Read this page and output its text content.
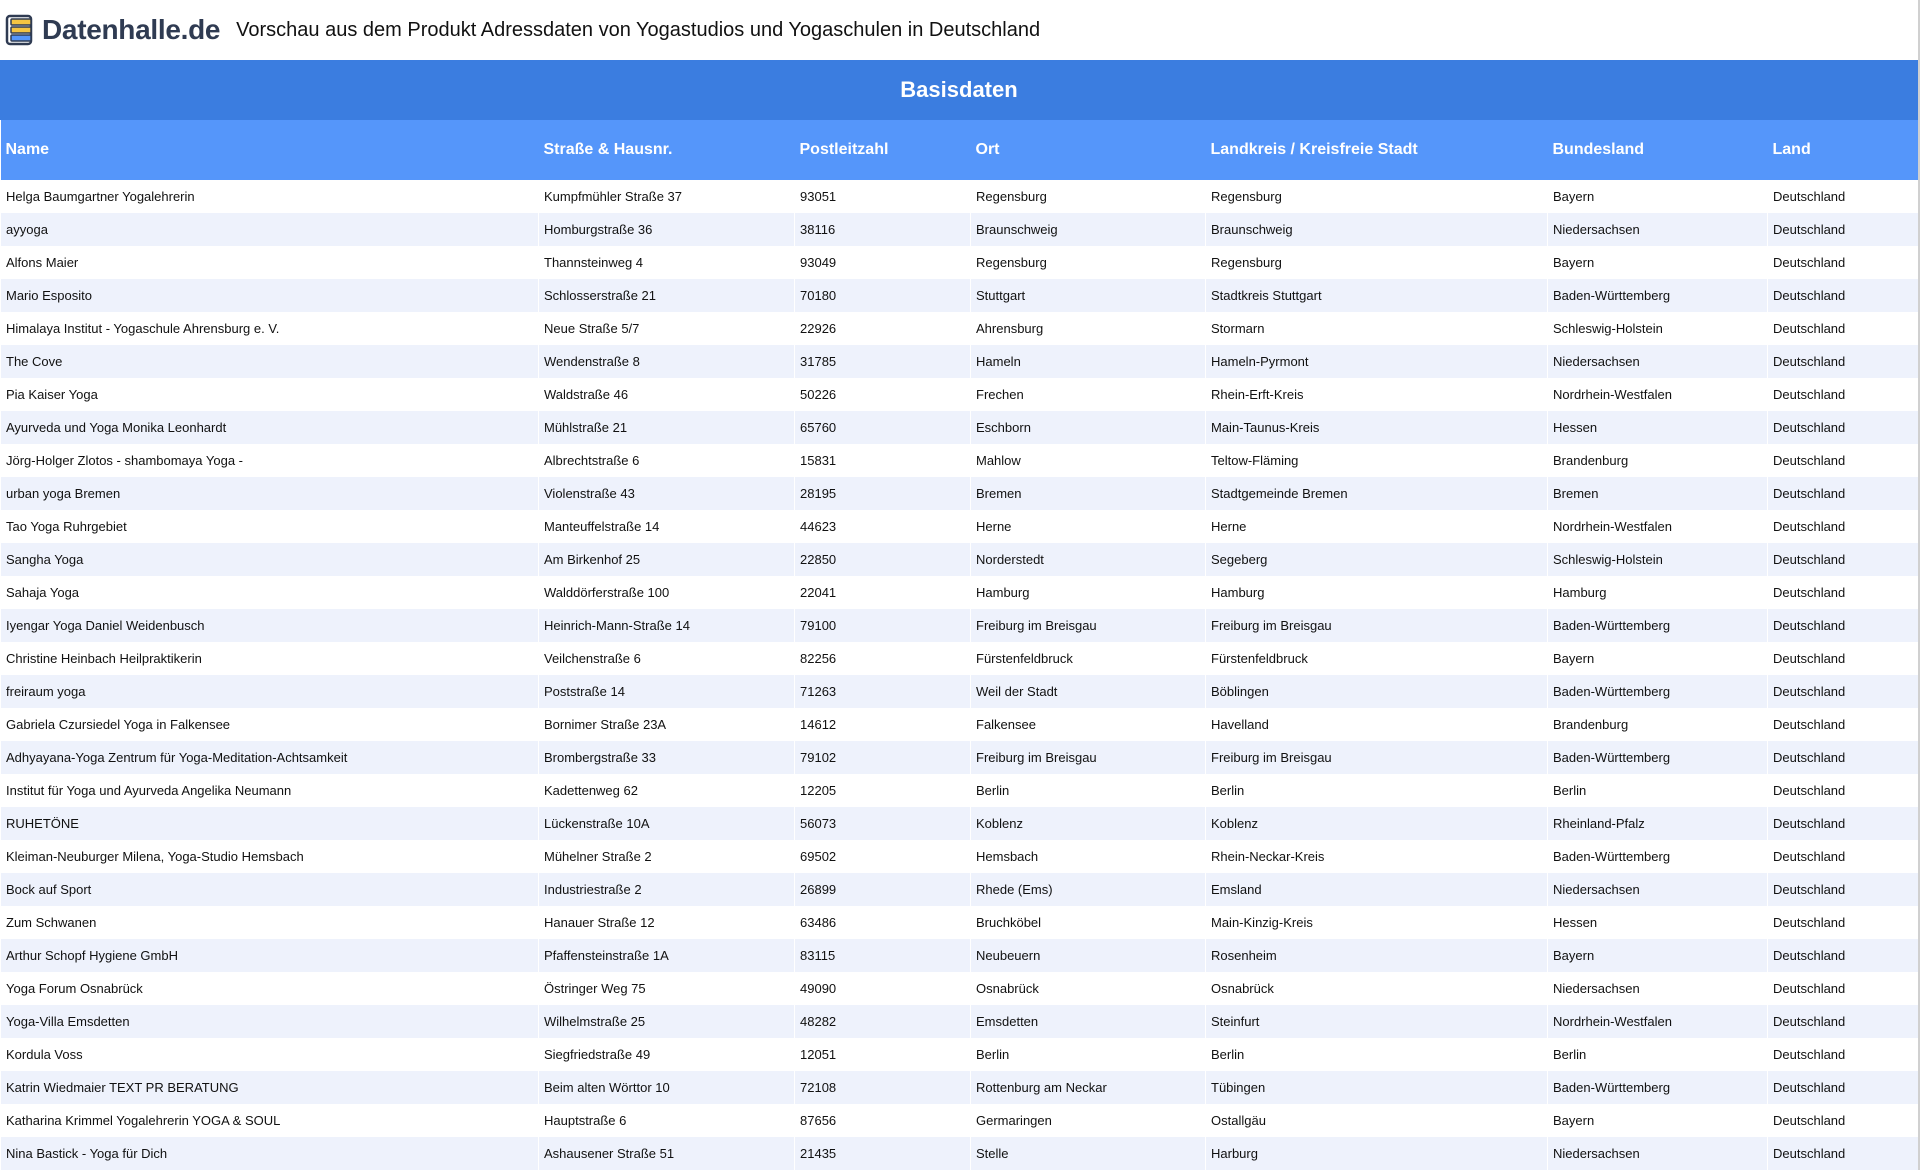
Datenhalle.de Vorschau aus dem Produkt Adressdaten von Yogastudios und Yogaschulen in Deutschland
Basisdaten
Name	Straße & Hausnr.	Postleitzahl	Ort	Landkreis / Kreisfreie Stadt	Bundesland	Land
Helga Baumgartner Yogalehrerin	Kumpfmühler Straße 37	93051	Regensburg	Regensburg	Bayern	Deutschland
ayyoga	Homburgstraße 36	38116	Braunschweig	Braunschweig	Niedersachsen	Deutschland
Alfons Maier	Thannsteinweg 4	93049	Regensburg	Regensburg	Bayern	Deutschland
Mario Esposito	Schlosserstraße 21	70180	Stuttgart	Stadtkreis Stuttgart	Baden-Württemberg	Deutschland
Himalaya Institut - Yogaschule Ahrensburg e. V.	Neue Straße 5/7	22926	Ahrensburg	Stormarn	Schleswig-Holstein	Deutschland
The Cove	Wendenstraße 8	31785	Hameln	Hameln-Pyrmont	Niedersachsen	Deutschland
Pia Kaiser Yoga	Waldstraße 46	50226	Frechen	Rhein-Erft-Kreis	Nordrhein-Westfalen	Deutschland
Ayurveda und Yoga Monika Leonhardt	Mühlstraße 21	65760	Eschborn	Main-Taunus-Kreis	Hessen	Deutschland
Jörg-Holger Zlotos - shambomaya Yoga -	Albrechtstraße 6	15831	Mahlow	Teltow-Fläming	Brandenburg	Deutschland
urban yoga Bremen	Violenstraße 43	28195	Bremen	Stadtgemeinde Bremen	Bremen	Deutschland
Tao Yoga Ruhrgebiet	Manteuffelstraße 14	44623	Herne	Herne	Nordrhein-Westfalen	Deutschland
Sangha Yoga	Am Birkenhof 25	22850	Norderstedt	Segeberg	Schleswig-Holstein	Deutschland
Sahaja Yoga	Walddörferstraße 100	22041	Hamburg	Hamburg	Hamburg	Deutschland
Iyengar Yoga Daniel Weidenbusch	Heinrich-Mann-Straße 14	79100	Freiburg im Breisgau	Freiburg im Breisgau	Baden-Württemberg	Deutschland
Christine Heinbach Heilpraktikerin	Veilchenstraße 6	82256	Fürstenfeldbruck	Fürstenfeldbruck	Bayern	Deutschland
freiraum yoga	Poststraße 14	71263	Weil der Stadt	Böblingen	Baden-Württemberg	Deutschland
Gabriela Czursiedel Yoga in Falkensee	Bornimer Straße 23A	14612	Falkensee	Havelland	Brandenburg	Deutschland
Adhyayana-Yoga Zentrum für Yoga-Meditation-Achtsamkeit	Brombergstraße 33	79102	Freiburg im Breisgau	Freiburg im Breisgau	Baden-Württemberg	Deutschland
Institut für Yoga und Ayurveda Angelika Neumann	Kadettenweg 62	12205	Berlin	Berlin	Berlin	Deutschland
RUHETÖNE	Lückenstraße 10A	56073	Koblenz	Koblenz	Rheinland-Pfalz	Deutschland
Kleiman-Neuburger Milena, Yoga-Studio Hemsbach	Mühelner Straße 2	69502	Hemsbach	Rhein-Neckar-Kreis	Baden-Württemberg	Deutschland
Bock auf Sport	Industriestraße 2	26899	Rhede (Ems)	Emsland	Niedersachsen	Deutschland
Zum Schwanen	Hanauer Straße 12	63486	Bruchköbel	Main-Kinzig-Kreis	Hessen	Deutschland
Arthur Schopf Hygiene GmbH	Pfaffensteinstraße 1A	83115	Neubeuern	Rosenheim	Bayern	Deutschland
Yoga Forum Osnabrück	Östringer Weg 75	49090	Osnabrück	Osnabrück	Niedersachsen	Deutschland
Yoga-Villa Emsdetten	Wilhelmstraße 25	48282	Emsdetten	Steinfurt	Nordrhein-Westfalen	Deutschland
Kordula Voss	Siegfriedstraße 49	12051	Berlin	Berlin	Berlin	Deutschland
Katrin Wiedmaier TEXT PR BERATUNG	Beim alten Wörttor 10	72108	Rottenburg am Neckar	Tübingen	Baden-Württemberg	Deutschland
Katharina Krimmel Yogalehrerin YOGA & SOUL	Hauptstraße 6	87656	Germaringen	Ostallgäu	Bayern	Deutschland
Nina Bastick - Yoga für Dich	Ashausener Straße 51	21435	Stelle	Harburg	Niedersachsen	Deutschland
